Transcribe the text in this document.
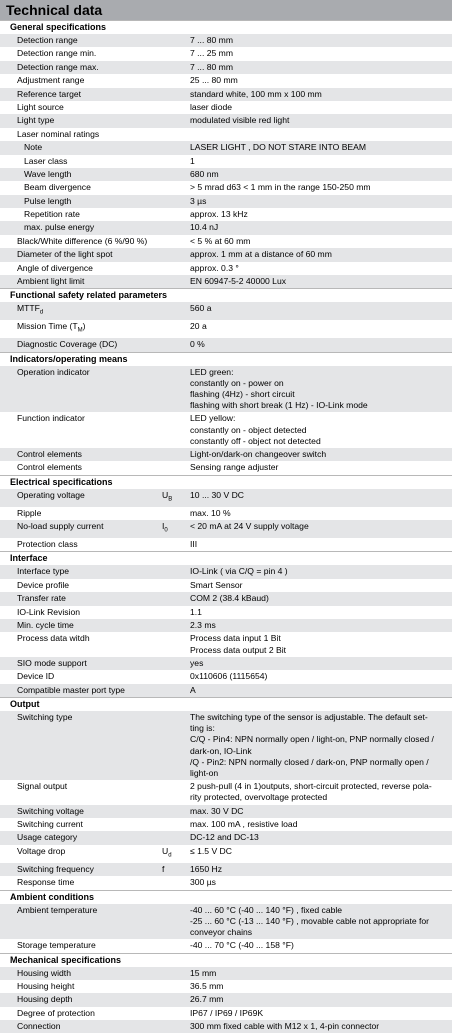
Technical data
General specifications
Detection range	7 ... 80 mm
Detection range min.	7 ... 25 mm
Detection range max.	7 ... 80 mm
Adjustment range	25 ... 80 mm
Reference target	standard white, 100 mm x 100 mm
Light source	laser diode
Light type	modulated visible red light
Laser nominal ratings

Note	LASER LIGHT , DO NOT STARE INTO BEAM
Laser class	1
Wave length	680 nm
Beam divergence	> 5 mrad d63 < 1 mm in the range 150-250 mm
Pulse length	3 µs
Repetition rate	approx. 13 kHz
max. pulse energy	10.4 nJ
Black/White difference (6 %/90 %)	< 5 % at 60 mm
Diameter of the light spot	approx. 1 mm at a distance of 60 mm
Angle of divergence	approx. 0.3 °
Ambient light limit	EN 60947-5-2 40000 Lux
Functional safety related parameters
$MTTF_d$	560 a
Mission Time $(T_M)$	20 a
Diagnostic Coverage (DC)	0 %
Indicators/operating means
Operation indicator	LED green:
constantly on - power on
flashing (4Hz) - short circuit
flashing with short break (1 Hz) - IO-Link mode
Function indicator	LED yellow:
constantly on - object detected
constantly off - object not detected
Control elements	Light-on/dark-on changeover switch
Control elements	Sensing range adjuster
Electrical specifications
Operating voltage	$U_B$	10 ... 30 V DC
Ripple	max. 10 %
No-load supply current	$I_0$	< 20 mA at 24 V supply voltage
Protection class	III
Interface
Interface type	IO-Link ( via C/Q = pin 4 )
Device profile	Smart Sensor
Transfer rate	COM 2 (38.4 kBaud)
IO-Link Revision	1.1
Min. cycle time	2.3 ms
Process data witdh	Process data input 1 Bit
Process data output 2 Bit
SIO mode support	yes
Device ID	0x110606 (1115654)
Compatible master port type	A
Output
Switching type	The switching type of the sensor is adjustable. The default set-
ting is:
C/Q - Pin4: NPN normally open / light-on, PNP normally closed /
dark-on, IO-Link
/Q - Pin2: NPN normally closed / dark-on, PNP normally open /
light-on
Signal output	2 push-pull (4 in 1)outputs, short-circuit protected, reverse pola-
rity protected, overvoltage protected
Switching voltage	max. 30 V DC
Switching current	max. 100 mA , resistive load
Usage category	DC-12 and DC-13
Voltage drop	$U_d$	≤ 1.5 V DC
Switching frequency	f	1650 Hz
Response time	300 µs
Ambient conditions
Ambient temperature	-40 ... 60 °C (-40 ... 140 °F) , fixed cable
-25 ... 60 °C (-13 ... 140 °F) , movable cable not appropriate for
conveyor chains
Storage temperature	-40 ... 70 °C (-40 ... 158 °F)
Mechanical specifications
Housing width	15 mm
Housing height	36.5 mm
Housing depth	26.7 mm
Degree of protection	IP67 / IP69 / IP69K
Connection	300 mm fixed cable with M12 x 1, 4-pin connector
